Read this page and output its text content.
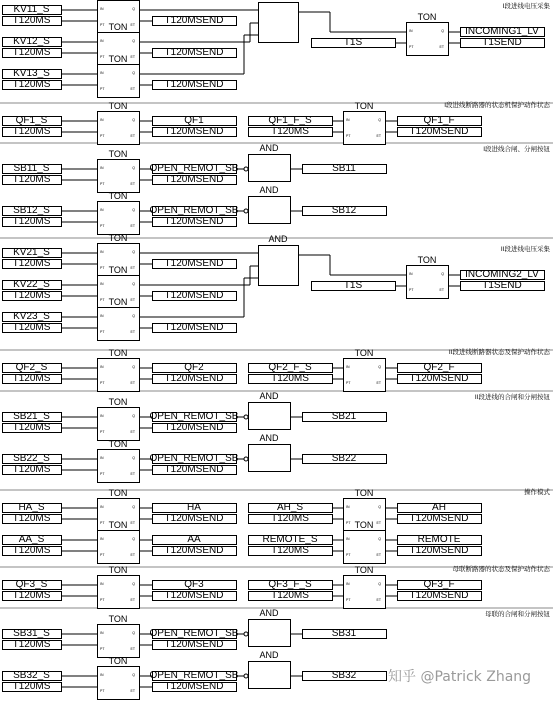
I段进线电压采集
IN
PT
Q
ET
KV11_S
T120MS	T120MSEND
TON
IN
PT
Q
ET
KV12_S
T120MS	T120MSEND
TON
IN
PT
Q
ET
KV13_S
T120MS	T120MSEND
TON
IN
PT
Q
ET
T1S
INCOMING1_LV
T1SEND
I段进线断路器的状态机保护动作状态
TON
IN
PT
Q
ET
QF1_S
T120MS
QF1
T120MSEND
TON
IN
PT
Q
ET
QF1_F_S
T120MS
QF1_F
T120MSEND
I段进线合闸、分闸按钮
TON
IN
PT
Q
ET
SB11_S
T120MS
OPEN_REMOT_SB
T120MSEND
AND
SB11
TON
IN
PT
Q
ET
SB12_S
T120MS
OPEN_REMOT_SB
T120MSEND
AND
SB12
II段进线电压采集
TON
IN
PT
Q
ET
KV21_S
T120MS	T120MSEND
TON
IN
PT
Q
ET
KV22_S
T120MS	T120MSEND
TON
IN
PT
Q
ET
KV23_S
T120MS	T120MSEND
AND
TON
IN
PT
Q
ET
T1S
INCOMING2_LV
T1SEND
II段进线断路器状态及保护动作状态
TON
IN
PT
Q
ET
QF2_S
T120MS
QF2
T120MSEND
TON
IN
PT
Q
ET
QF2_F_S
T120MS
QF2_F
T120MSEND
II段进线的合闸和分闸按钮
TON
IN
PT
Q
ET
SB21_S
T120MS
OPEN_REMOT_SB
T120MSEND
AND
SB21
TON
IN
PT
Q
ET
SB22_S
T120MS
OPEN_REMOT_SB
T120MSEND
AND
SB22
操作模式
TON
IN
PT
Q
ET
HA_S
T120MS
HA
T120MSEND
TON
IN
PT
Q
ET
AH_S
T120MS
AH
T120MSEND
TON
IN
PT
Q
ET
AA_S
T120MS
AA
T120MSEND
TON
IN
PT
Q
ET
REMOTE_S
T120MS
REMOTE
T120MSEND
母联断路器的状态及保护动作状态
TON
IN
PT
Q
ET
QF3_S
T120MS
QF3
T120MSEND
TON
IN
PT
Q
ET
QF3_F_S
T120MS
QF3_F
T120MSEND
母联的合闸和分闸按钮
TON
IN
PT
Q
ET
SB31_S
T120MS
OPEN_REMOT_SB
T120MSEND
AND
SB31
TON
IN
PT
Q
ET
SB32_S
T120MS
OPEN_REMOT_SB
T120MSEND
AND
SB32 知乎 @Patrick Zhang
